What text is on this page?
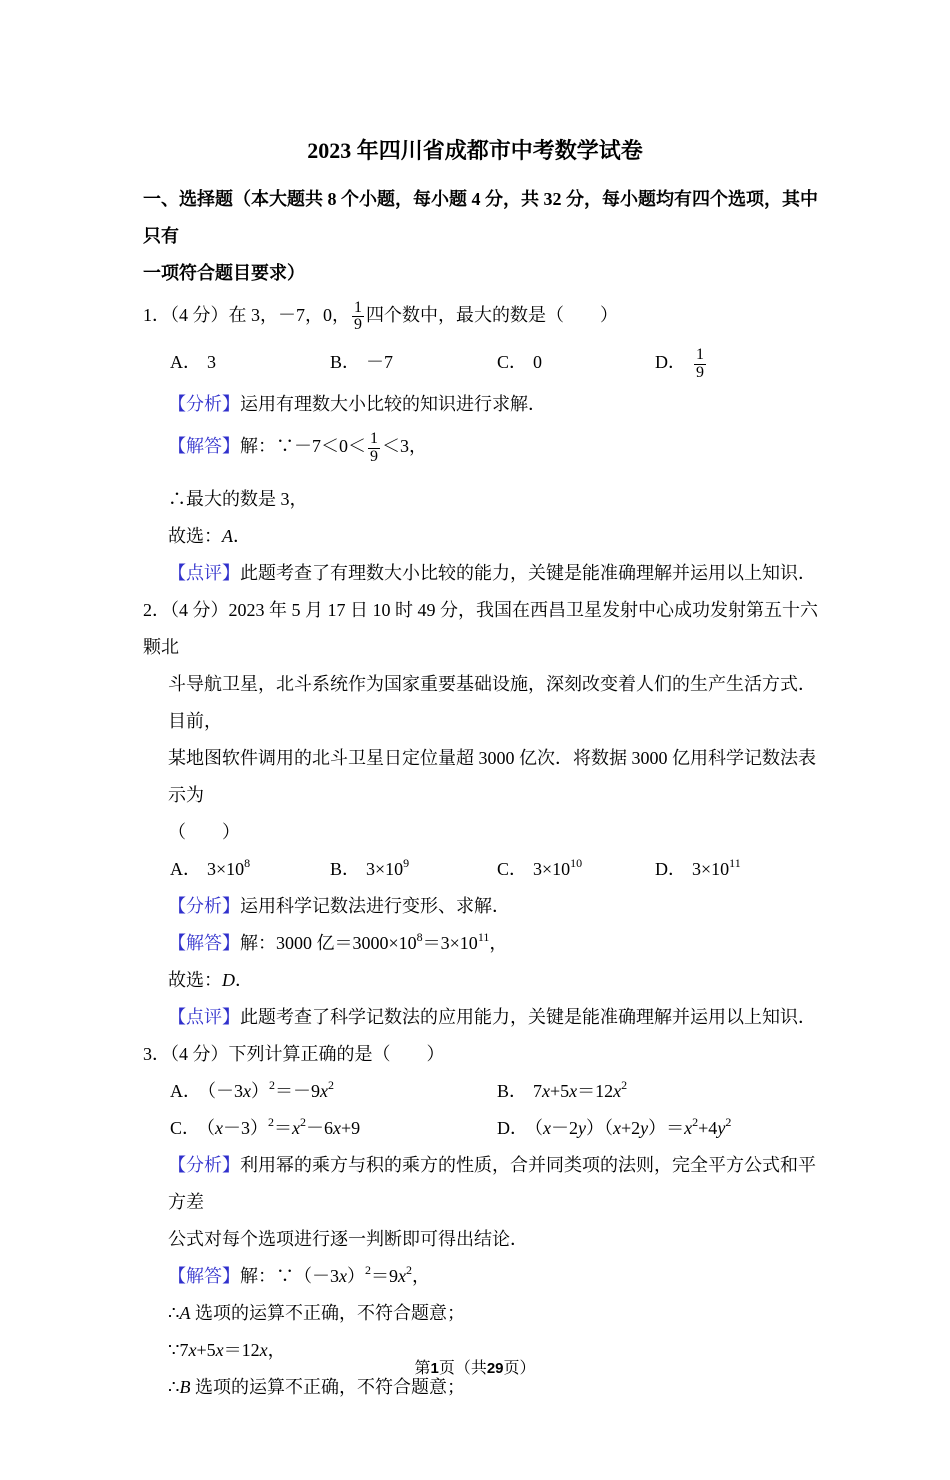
2023 年四川省成都市中考数学试卷
一、选择题（本大题共 8 个小题，每小题 4 分，共 32 分，每小题均有四个选项，其中只有
一项符合题目要求）
1．（4 分）在 3，－7，0， $\frac{1}{9}$ 四个数中，最大的数是（　　）
A． 3	B． －7	C． 0	D． $\frac{1}{9}$
【分析】运用有理数大小比较的知识进行求解．
【解答】解：∵－7＜0＜ $\frac{1}{9} <3$，
∴最大的数是 3，
故选：A．
【点评】此题考查了有理数大小比较的能力，关键是能准确理解并运用以上知识．
2．（4 分）2023 年 5 月 17 日 10 时 49 分，我国在西昌卫星发射中心成功发射第五十六颗北
斗导航卫星，北斗系统作为国家重要基础设施，深刻改变着人们的生产生活方式．目前，
某地图软件调用的北斗卫星日定位量超 3000 亿次．将数据 3000 亿用科学记数法表示为
（　　）
A． $3\times 10^8$	B． $3\times 10^9$	C． $3\times 10^{10}$	D． $3\times 10^{11}$
【分析】运用科学记数法进行变形、求解．
【解答】解：3000 亿$=3000\times 10^8=3\times 10^{11}$，
故选：D．
【点评】此题考查了科学记数法的应用能力，关键是能准确理解并运用以上知识．
3．（4 分）下列计算正确的是（　　）
A． $(-3x)^2=-9x^2$	B． $7x+5x=12x^2$
C． $(x-3)^2=x^2-6x+9$	D． $(x-2y)(x+2y)=x^2+4y^2$
【分析】利用幂的乘方与积的乘方的性质，合并同类项的法则，完全平方公式和平方差
公式对每个选项进行逐一判断即可得出结论．
【解答】解：$\because(-3x)^2=9x^2$，
∴A 选项的运算不正确，不符合题意；
∵7x+5x＝12x，
∴B 选项的运算不正确，不符合题意；
第1页（共29页）
